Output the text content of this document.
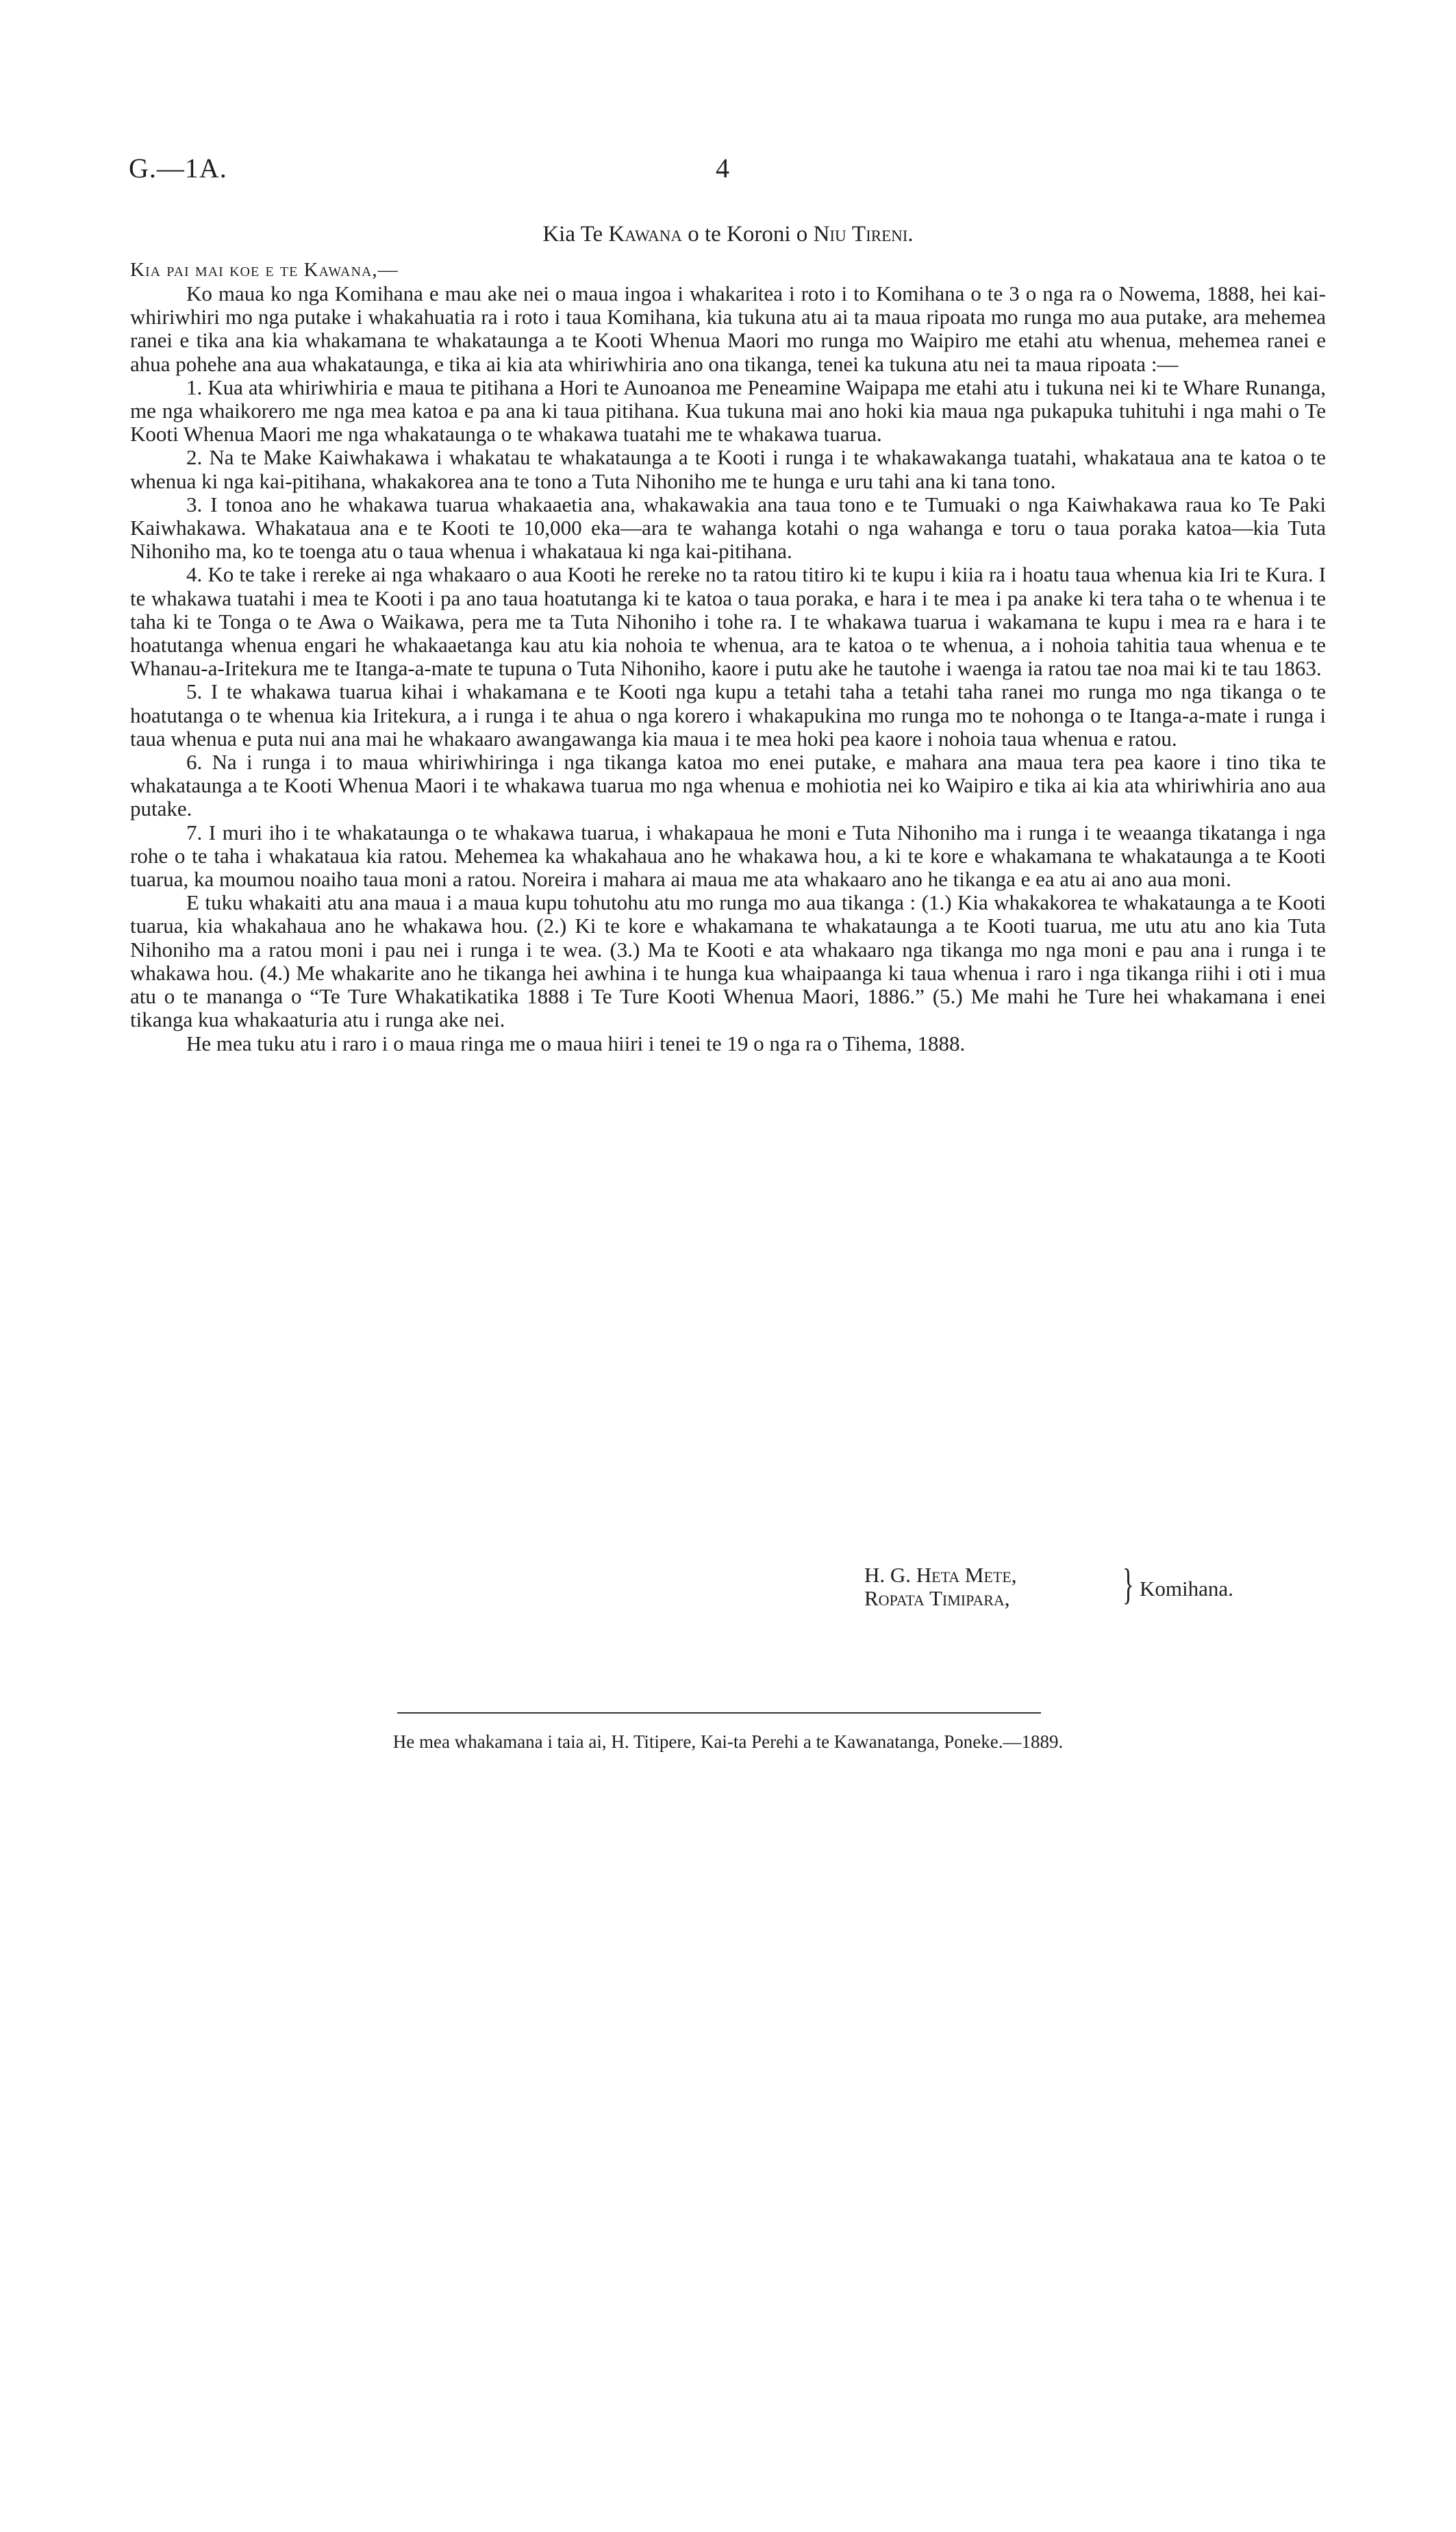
G.—1A.	4
Kia Te Kawana o te Koroni o Niu Tireni.
Kia pai mai koe e te Kawana,—

Ko maua ko nga Komihana e mau ake nei o maua ingoa i whakaritea i roto i to Komihana o te 3 o nga ra o Nowema, 1888, hei kai-whiriwhiri mo nga putake i whakahuatia ra i roto i taua Komihana, kia tukuna atu ai ta maua ripoata mo runga mo aua putake, ara mehemea ranei e tika ana kia whakamana te whakataunga a te Kooti Whenua Maori mo runga mo Waipiro me etahi atu whenua, mehemea ranei e ahua pohehe ana aua whakataunga, e tika ai kia ata whiriwhiria ano ona tikanga, tenei ka tukuna atu nei ta maua ripoata :—

1. Kua ata whiriwhiria e maua te pitihana a Hori te Aunoanoa me Peneamine Waipapa me etahi atu i tukuna nei ki te Whare Runanga, me nga whaikorero me nga mea katoa e pa ana ki taua pitihana. Kua tukuna mai ano hoki kia maua nga pukapuka tuhituhi i nga mahi o Te Kooti Whenua Maori me nga whakataunga o te whakawa tuatahi me te whakawa tuarua.

2. Na te Make Kaiwhakawa i whakatau te whakataunga a te Kooti i runga i te whakawakanga tuatahi, whakataua ana te katoa o te whenua ki nga kai-pitihana, whakakorea ana te tono a Tuta Nihoniho me te hunga e uru tahi ana ki tana tono.

3. I tonoa ano he whakawa tuarua whakaaetia ana, whakawakia ana taua tono e te Tumuaki o nga Kaiwhakawa raua ko Te Paki Kaiwhakawa. Whakataua ana e te Kooti te 10,000 eka—ara te wahanga kotahi o nga wahanga e toru o taua poraka katoa—kia Tuta Nihoniho ma, ko te toenga atu o taua whenua i whakataua ki nga kai-pitihana.

4. Ko te take i rereke ai nga whakaaro o aua Kooti he rereke no ta ratou titiro ki te kupu i kiia ra i hoatu taua whenua kia Iri te Kura. I te whakawa tuatahi i mea te Kooti i pa ano taua hoatutanga ki te katoa o taua poraka, e hara i te mea i pa anake ki tera taha o te whenua i te taha ki te Tonga o te Awa o Waikawa, pera me ta Tuta Nihoniho i tohe ra. I te whakawa tuarua i wakamana te kupu i mea ra e hara i te hoatutanga whenua engari he whakaaetanga kau atu kia nohoia te whenua, ara te katoa o te whenua, a i nohoia tahitia taua whenua e te Whanau-a-Iritekura me te Itanga-a-mate te tupuna o Tuta Nihoniho, kaore i putu ake he tautohe i waenga ia ratou tae noa mai ki te tau 1863.

5. I te whakawa tuarua kihai i whakamana e te Kooti nga kupu a tetahi taha a tetahi taha ranei mo runga mo nga tikanga o te hoatutanga o te whenua kia Iritekura, a i runga i te ahua o nga korero i whakapukina mo runga mo te nohonga o te Itanga-a-mate i runga i taua whenua e puta nui ana mai he whakaaro awangawanga kia maua i te mea hoki pea kaore i nohoia taua whenua e ratou.

6. Na i runga i to maua whiriwhiringa i nga tikanga katoa mo enei putake, e mahara ana maua tera pea kaore i tino tika te whakataunga a te Kooti Whenua Maori i te whakawa tuarua mo nga whenua e mohiotia nei ko Waipiro e tika ai kia ata whiriwhiria ano aua putake.

7. I muri iho i te whakataunga o te whakawa tuarua, i whakapaua he moni e Tuta Nihoniho ma i runga i te weaanga tikatanga i nga rohe o te taha i whakataua kia ratou. Mehemea ka whakahaua ano he whakawa hou, a ki te kore e whakamana te whakataunga a te Kooti tuarua, ka moumou noaiho taua moni a ratou. Noreira i mahara ai maua me ata whakaaro ano he tikanga e ea atu ai ano aua moni.

E tuku whakaiti atu ana maua i a maua kupu tohutohu atu mo runga mo aua tikanga : (1.) Kia whakakorea te whakataunga a te Kooti tuarua, kia whakahaua ano he whakawa hou. (2.) Ki te kore e whakamana te whakataunga a te Kooti tuarua, me utu atu ano kia Tuta Nihoniho ma a ratou moni i pau nei i runga i te wea. (3.) Ma te Kooti e ata whakaaro nga tikanga mo nga moni e pau ana i runga i te whakawa hou. (4.) Me whakarite ano he tikanga hei awhina i te hunga kua whaipaanga ki taua whenua i raro i nga tikanga riihi i oti i mua atu o te mananga o “Te Ture Whakatikatika 1888 i Te Ture Kooti Whenua Maori, 1886.” (5.) Me mahi he Ture hei whakamana i enei tikanga kua whakaaturia atu i runga ake nei.

He mea tuku atu i raro i o maua ringa me o maua hiiri i tenei te 19 o nga ra o Tihema, 1888.

H. G. Heta Mete,
Ropata Timipara,	} Komihana.
He mea whakamana i taia ai, H. Titipere, Kai-ta Perehi a te Kawanatanga, Poneke.—1889.
